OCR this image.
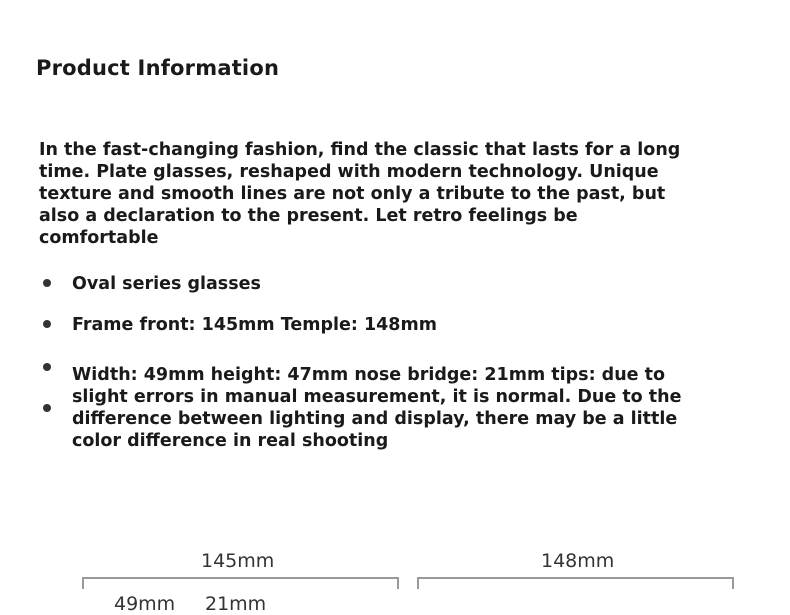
Product Information
In the fast-changing fashion, find the classic that lasts for a long time. Plate glasses, reshaped with modern technology. Unique texture and smooth lines are not only a tribute to the past, but also a declaration to the present. Let retro feelings be comfortable
Oval series glasses
Frame front: 145mm Temple: 148mm
Width: 49mm height: 47mm nose bridge: 21mm tips: due to slight errors in manual measurement, it is normal. Due to the difference between lighting and display, there may be a little color difference in real shooting
145mm	148mm
49mm 21mm
